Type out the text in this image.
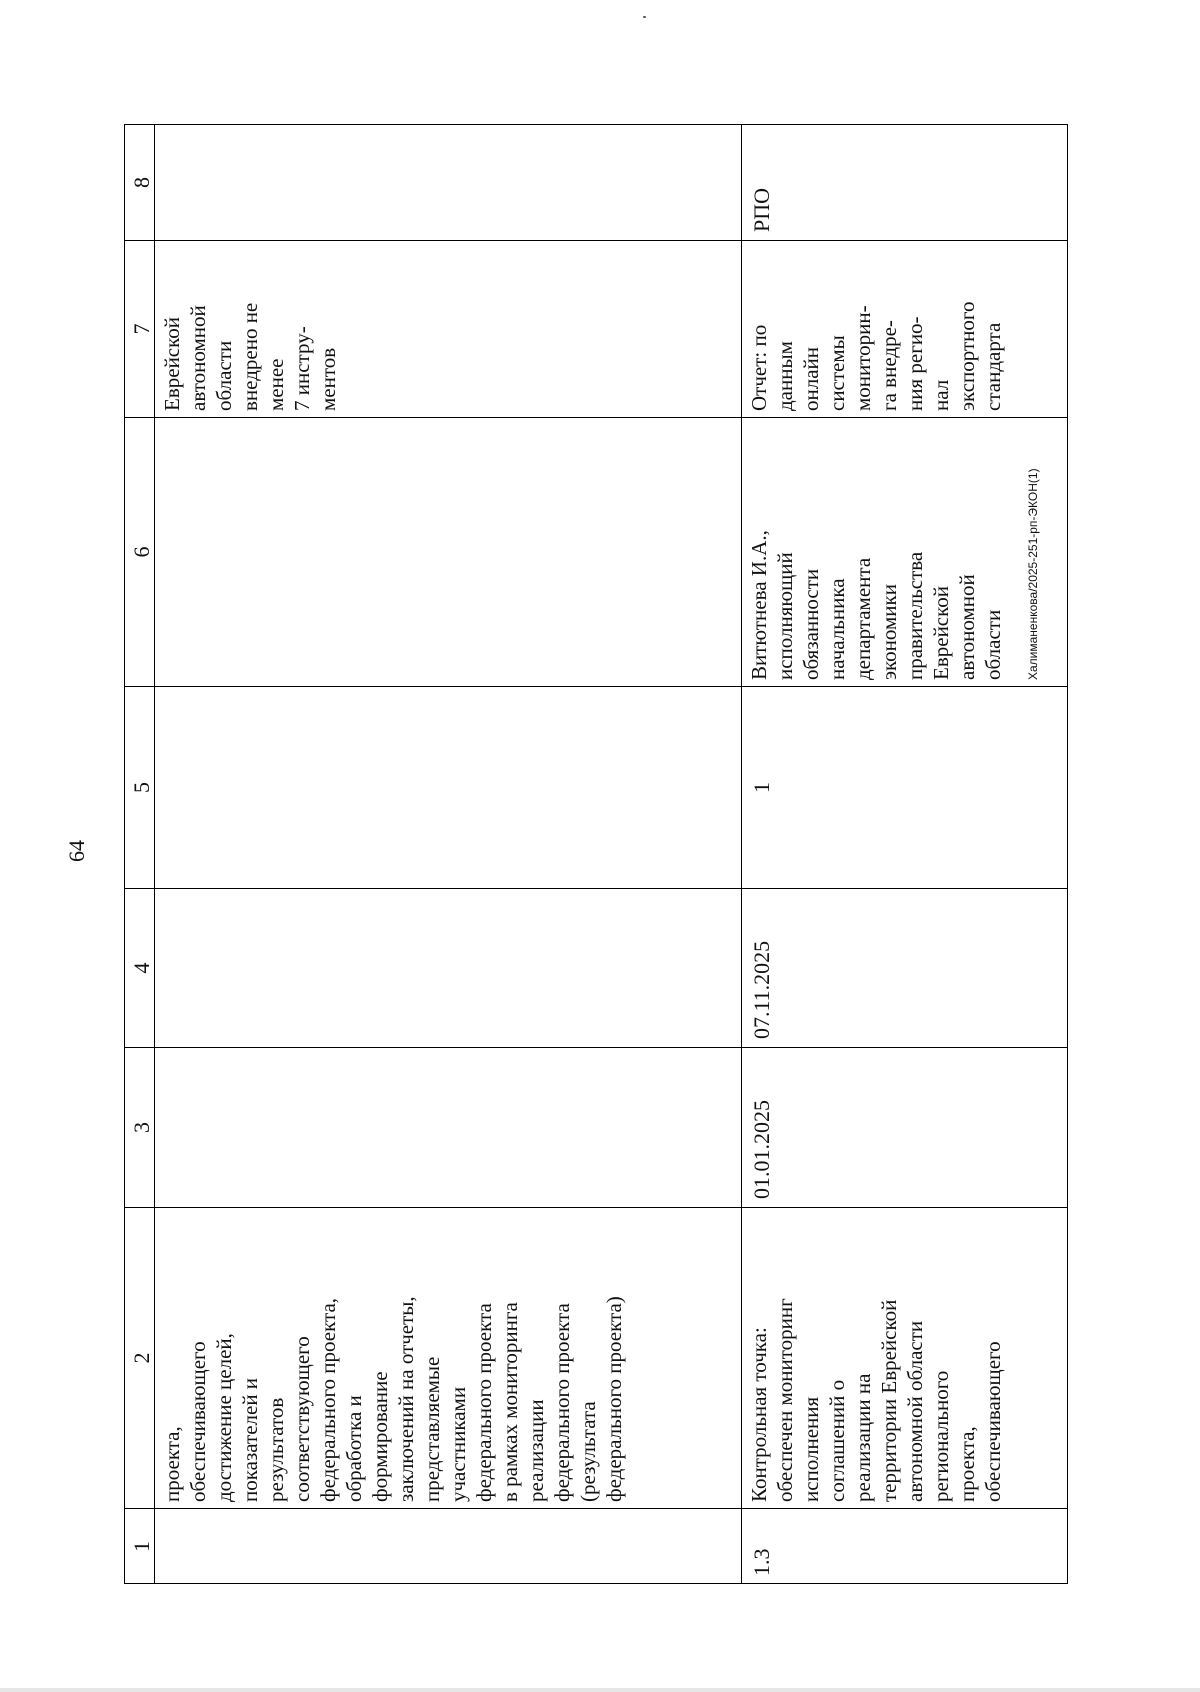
64
Халиманенкова/2025-251-рп-ЭКОН(1)
8
7
6
5
4
3
2
1
проекта, обеспечивающего достижение целей, показателей и результатов соответствующего федерального проекта, обработка и формирование заключений на отчеты, представляемые участниками федерального проекта в рамках мониторинга реализации федерального проекта (результата федерального проекта)
Еврейской автономной области внедрено не менее 7 инстру- ментов
1.3
Контрольная точка: обеспечен мониторинг исполнения соглашений о реализации на территории Еврейской автономной области регионального проекта, обеспечивающего
01.01.2025
07.11.2025
1
Витютнева И.А., исполняющий обязанности начальника департамента экономики правительства Еврейской автономной области
Отчет: по данным онлайн системы мониторин- га внедре- ния регио- нал экспортного стандарта
РПО
